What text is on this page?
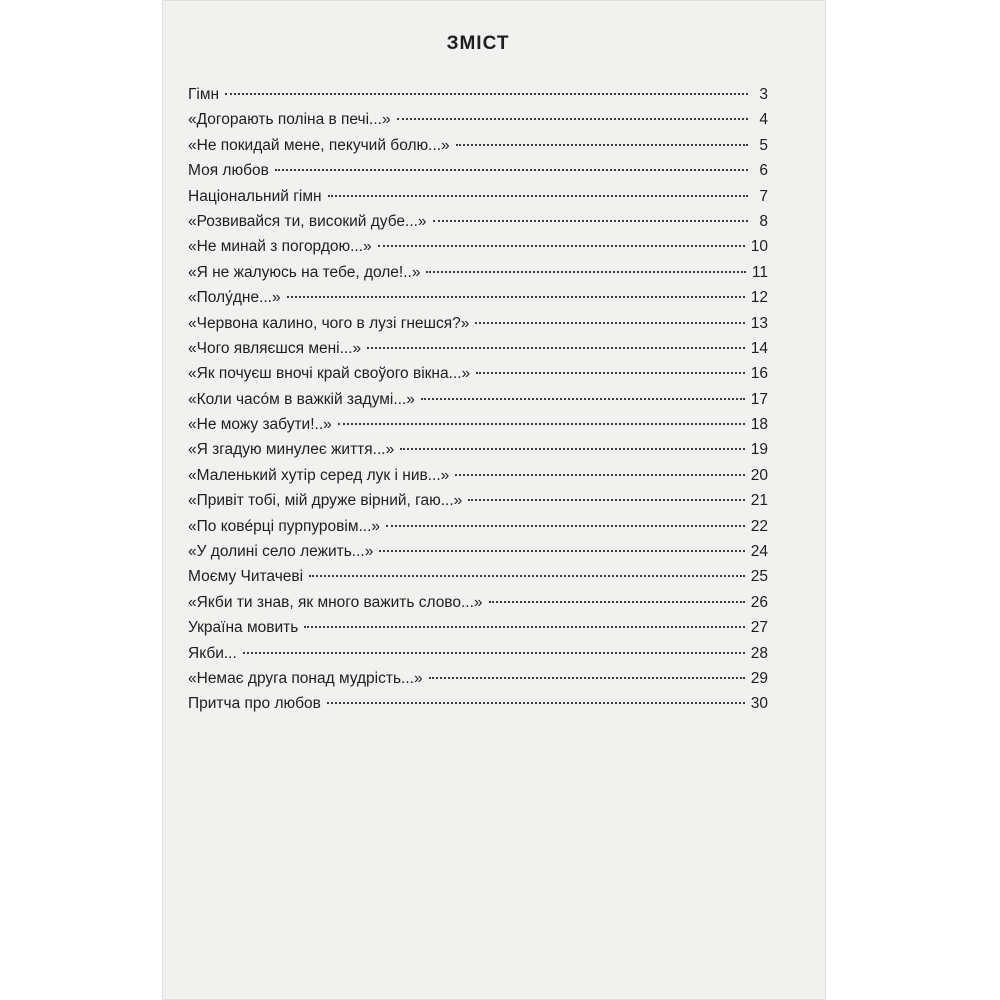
ЗМІСТ
Гімн	3
«Догорають поліна в печі...»	4
«Не покидай мене, пекучий болю...»	5
Моя любов	6
Національний гімн	7
«Розвивайся ти, високий дубе...»	8
«Не минай з погордою...»	10
«Я не жалуюсь на тебе, доле!..»	11
«Полу́дне...»	12
«Червона калино, чого в лузі гнешся?»	13
«Чого являєшся мені...»	14
«Як почуєш вночі край своўого вікна...»	16
«Коли часо́м в важкій задумі...»	17
«Не можу забути!..»	18
«Я згадую минулеє життя...»	19
«Маленький хутір серед лук і нив...»	20
«Привіт тобі, мій друже вірний, гаю...»	21
«По ковéрці пурпуровім...»	22
«У долині село лежить...»	24
Моєму Читачеві	25
«Якби ти знав, як много важить слово...»	26
Україна мовить	27
Якби...	28
«Немає друга понад мудрість...»	29
Притча про любов	30
